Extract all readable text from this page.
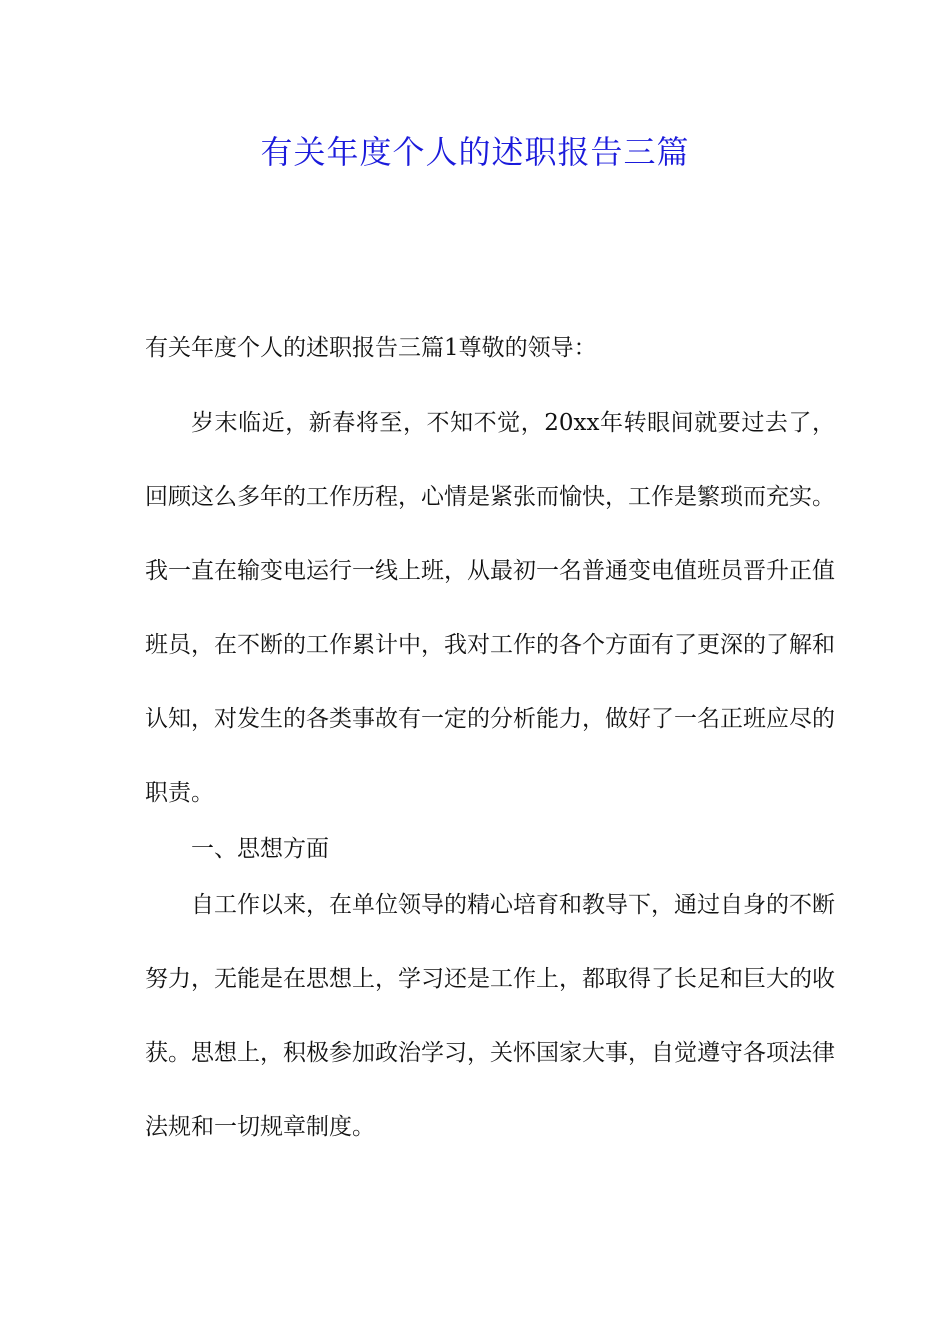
有关年度个人的述职报告三篇

有关年度个人的述职报告三篇1尊敬的领导：

岁末临近，新春将至，不知不觉，20xx年转眼间就要过去了，回顾这么多年的工作历程，心情是紧张而愉快，工作是繁琐而充实。我一直在输变电运行一线上班，从最初一名普通变电值班员晋升正值班员，在不断的工作累计中，我对工作的各个方面有了更深的了解和认知，对发生的各类事故有一定的分析能力，做好了一名正班应尽的职责。

一、思想方面

自工作以来，在单位领导的精心培育和教导下，通过自身的不断努力，无能是在思想上，学习还是工作上，都取得了长足和巨大的收获。思想上，积极参加政治学习，关怀国家大事，自觉遵守各项法律法规和一切规章制度。
